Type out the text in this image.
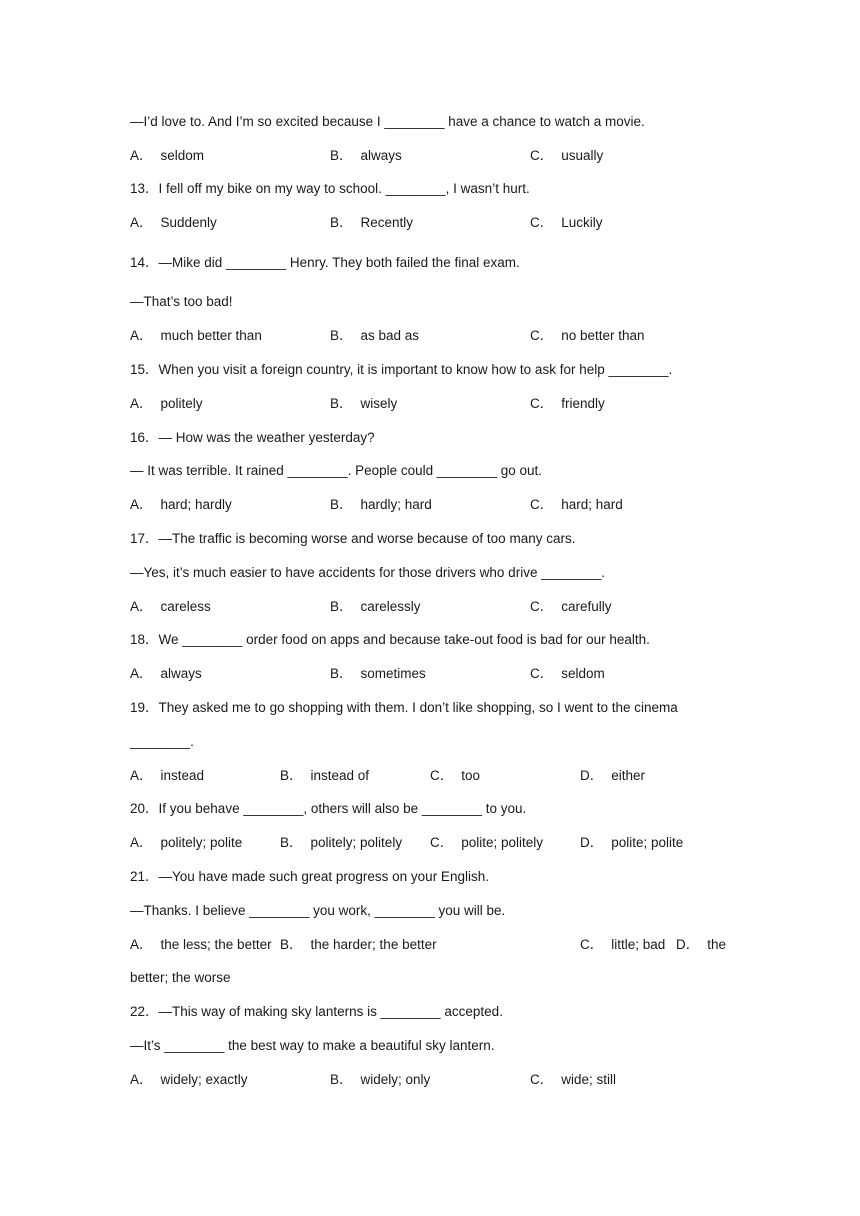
—I’d love to. And I’m so excited because I ________ have a chance to watch a movie.
13．I fell off my bike on my way to school. ________, I wasn’t hurt.
14．—Mike did ________ Henry. They both failed the final exam.
—That’s too bad!
15．When you visit a foreign country, it is important to know how to ask for help ________.
16．— How was the weather yesterday?
— It was terrible. It rained ________. People could ________ go out.
17．—The traffic is becoming worse and worse because of too many cars.
—Yes, it’s much easier to have accidents for those drivers who drive ________.
18．We ________ order food on apps and because take-out food is bad for our health.
19．They asked me to go shopping with them. I don’t like shopping, so I went to the cinema
________.
20．If you behave ________, others will also be ________ to you.
21．—You have made such great progress on your English.
—Thanks. I believe ________ you work, ________ you will be.
better; the worse
22．—This way of making sky lanterns is ________ accepted.
—It’s ________ the best way to make a beautiful sky lantern.
A． seldom	B． always	C． usually
A． Suddenly	B． Recently	C． Luckily
A． much better than	B． as bad as	C． no better than
A． politely	B． wisely	C． friendly
A． hard; hardly	B． hardly; hard	C． hard; hard
A． careless	B． carelessly	C． carefully
A． always	B． sometimes	C． seldom
A． instead	B． instead of	C． too	D． either
A． politely; polite	B． politely; politely C． polite; politely	D． polite; polite
A． the less; the better B． the harder; the better	C． little; bad D． the
A． widely; exactly	B． widely; only	C． wide; still
